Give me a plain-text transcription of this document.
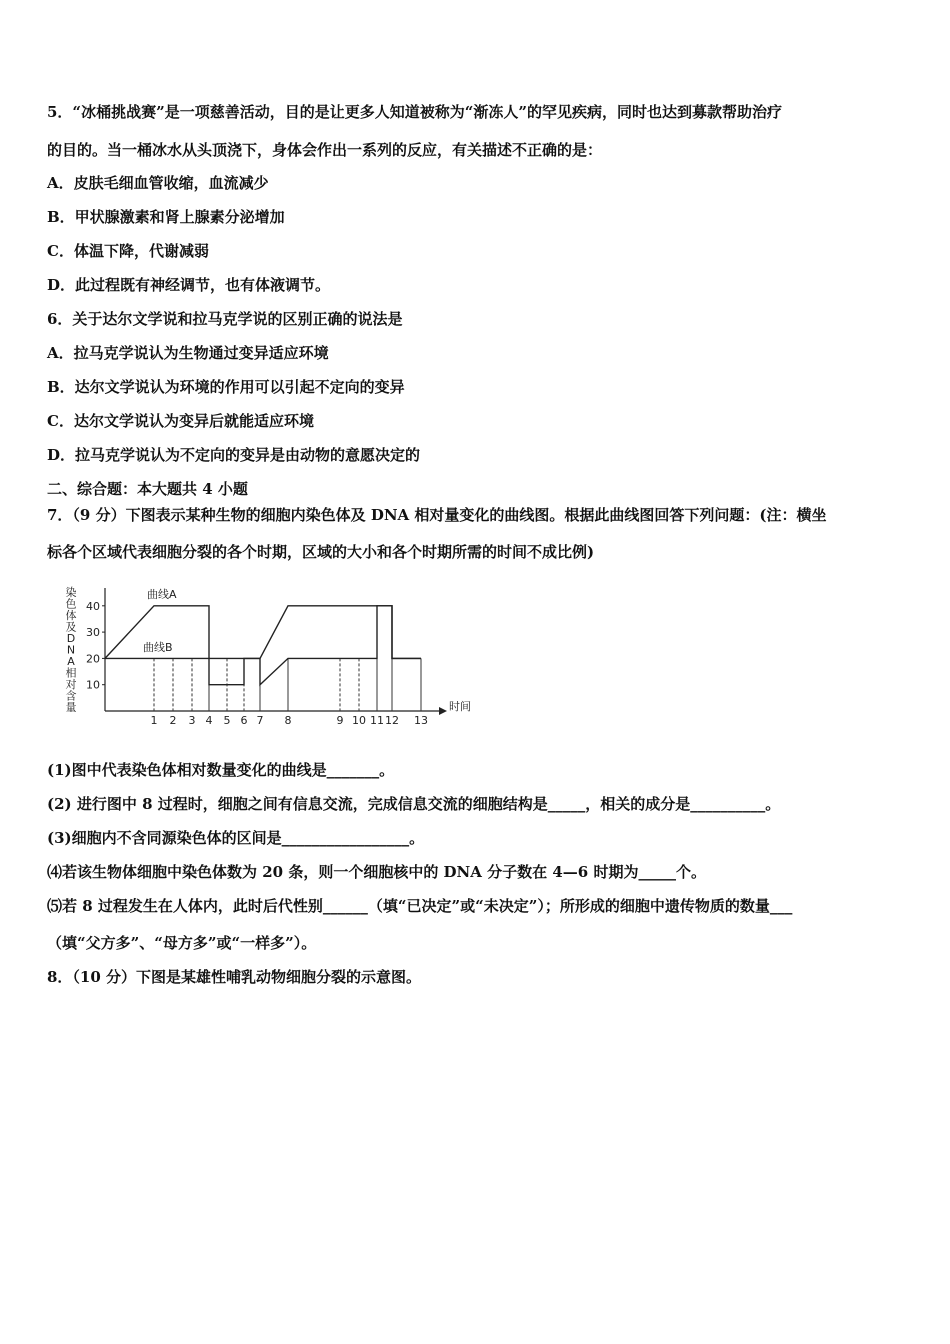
5．“冰桶挑战赛”是一项慈善活动，目的是让更多人知道被称为“渐冻人”的罕见疾病，同时也达到募款帮助治疗
的目的。当一桶冰水从头顶浇下，身体会作出一系列的反应，有关描述不正确的是：
A．皮肤毛细血管收缩，血流减少
B．甲状腺激素和肾上腺素分泌增加
C．体温下降，代谢减弱
D．此过程既有神经调节，也有体液调节。
6．关于达尔文学说和拉马克学说的区别正确的说法是
A．拉马克学说认为生物通过变异适应环境
B．达尔文学说认为环境的作用可以引起不定向的变异
C．达尔文学说认为变异后就能适应环境
D．拉马克学说认为不定向的变异是由动物的意愿决定的
二、综合题：本大题共 4 小题
7．（9 分）下图表示某种生物的细胞内染色体及 DNA 相对量变化的曲线图。根据此曲线图回答下列问题：(注：横坐
标各个区域代表细胞分裂的各个时期，区域的大小和各个时期所需的时间不成比例)
染
色
体
及
D
N
A
相
对
含
量	时间
10
20
30
40
1 2 3 4 5 6 7 8	9 10 11 12 13
曲线A
曲线B
(1)图中代表染色体相对数量变化的曲线是_______。
(2) 进行图中 8 过程时，细胞之间有信息交流，完成信息交流的细胞结构是_____，相关的成分是__________。
(3)细胞内不含同源染色体的区间是_________________。
⑷若该生物体细胞中染色体数为 20 条，则一个细胞核中的 DNA 分子数在 4—6 时期为_____个。
⑸若 8 过程发生在人体内，此时后代性别______（填“已决定”或“未决定”）；所形成的细胞中遗传物质的数量___
（填“父方多”、“母方多”或“一样多”）。
8．（10 分）下图是某雄性哺乳动物细胞分裂的示意图。
